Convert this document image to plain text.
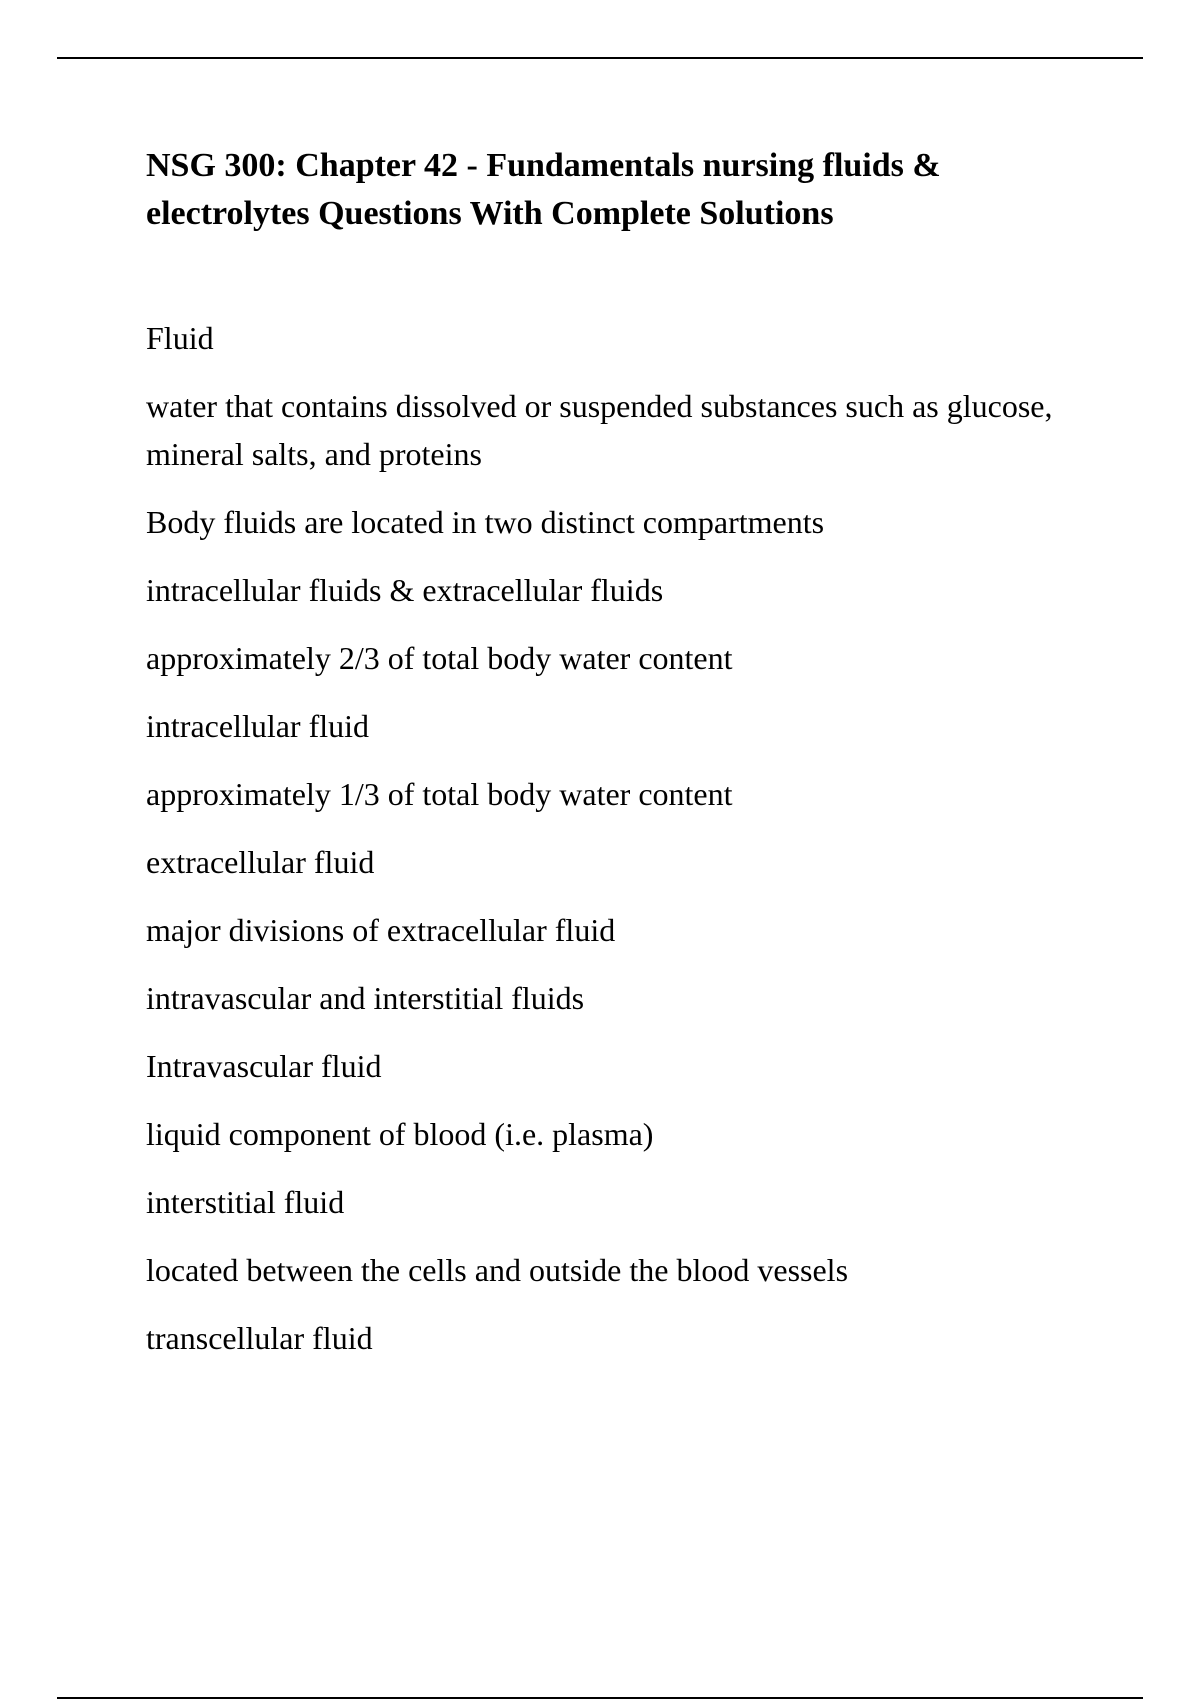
NSG 300: Chapter 42 - Fundamentals nursing fluids & electrolytes Questions With Complete Solutions

Fluid

water that contains dissolved or suspended substances such as glucose, mineral salts, and proteins

Body fluids are located in two distinct compartments

intracellular fluids & extracellular fluids

approximately 2/3 of total body water content

intracellular fluid

approximately 1/3 of total body water content

extracellular fluid

major divisions of extracellular fluid

intravascular and interstitial fluids

Intravascular fluid

liquid component of blood (i.e. plasma)

interstitial fluid

located between the cells and outside the blood vessels

transcellular fluid
